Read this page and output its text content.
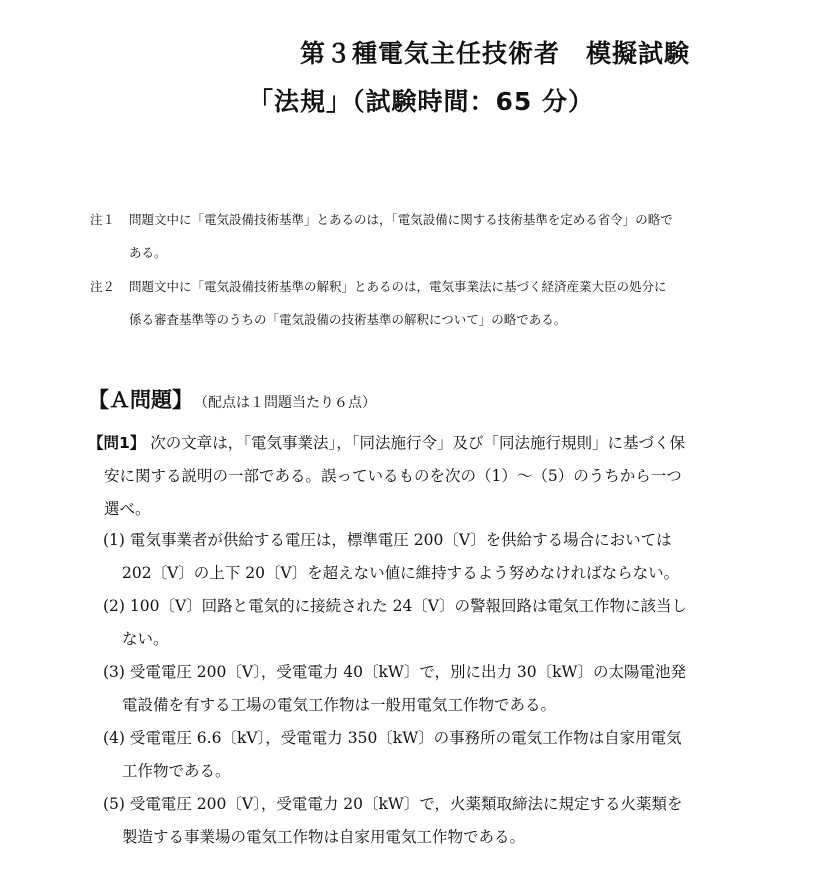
第３種電気主任技術者　模擬試験
「法規」（試験時間：65 分）
注１ 問題文中に「電気設備技術基準」とあるのは，「電気設備に関する技術基準を定める省令」の略で
ある。
注２ 問題文中に「電気設備技術基準の解釈」とあるのは，電気事業法に基づく経済産業大臣の処分に
係る審査基準等のうちの「電気設備の技術基準の解釈について」の略である。
【Ａ問題】 （配点は１問題当たり６点）
【問1】 次の文章は，「電気事業法」，「同法施行令」及び「同法施行規則」に基づく保
安に関する説明の一部である。誤っているものを次の（1）～（5）のうちから一つ
選べ。
(1) 電気事業者が供給する電圧は，標準電圧 200〔V〕を供給する場合においては
202〔V〕の上下 20〔V〕を超えない値に維持するよう努めなければならない。
(2) 100〔V〕回路と電気的に接続された 24〔V〕の警報回路は電気工作物に該当し
ない。
(3) 受電電圧 200〔V〕，受電電力 40〔kW〕で，別に出力 30〔kW〕の太陽電池発
電設備を有する工場の電気工作物は一般用電気工作物である。
(4) 受電電圧 6.6〔kV〕，受電電力 350〔kW〕の事務所の電気工作物は自家用電気
工作物である。
(5) 受電電圧 200〔V〕，受電電力 20〔kW〕で，火薬類取締法に規定する火薬類を
製造する事業場の電気工作物は自家用電気工作物である。
